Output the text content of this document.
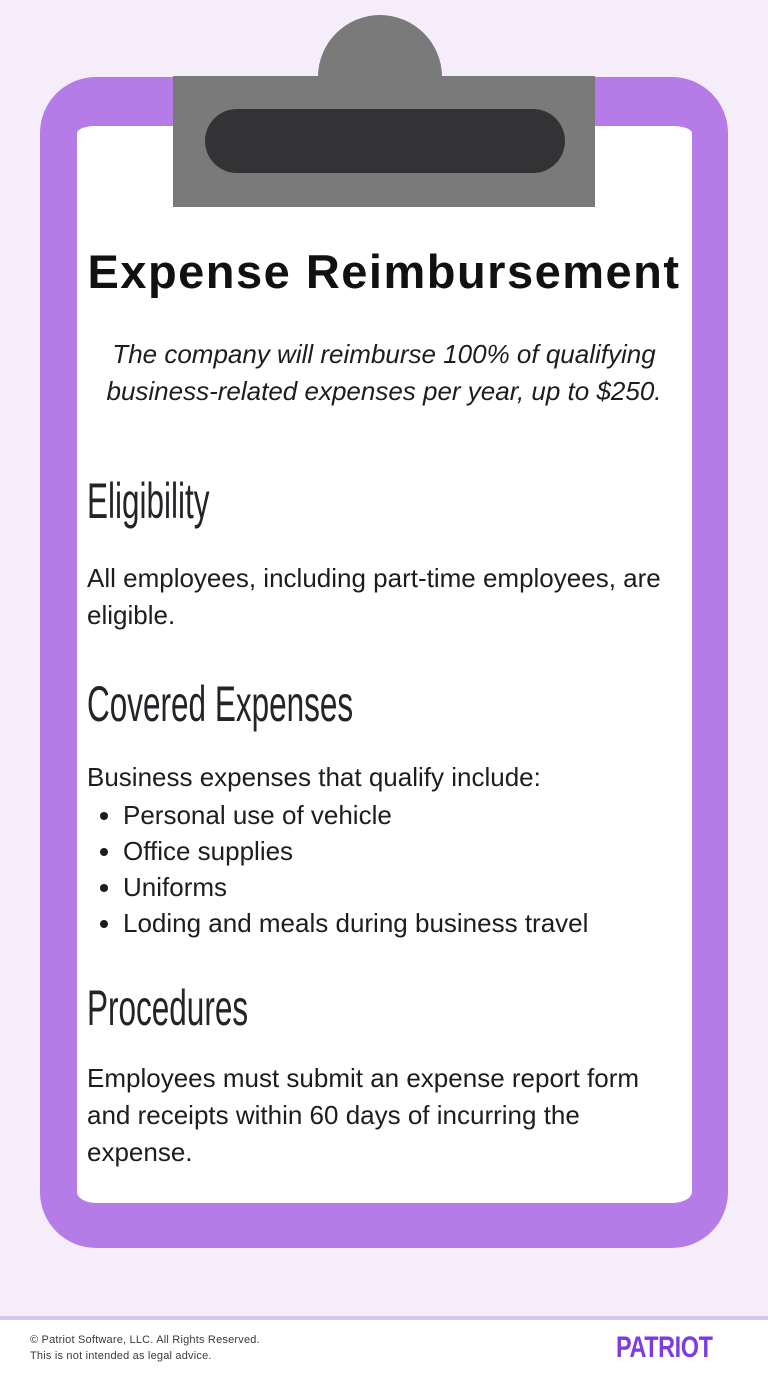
Expense Reimbursement

The company will reimburse 100% of qualifying business-related expenses per year, up to $250.

Eligibility

All employees, including part-time employees, are eligible.

Covered Expenses

Business expenses that qualify include:

• Personal use of vehicle
• Office supplies
• Uniforms
• Loding and meals during business travel
Procedures

Employees must submit an expense report form and receipts within 60 days of incurring the expense.

© Patriot Software, LLC. All Rights Reserved.

This is not intended as legal advice.	PATRIOT
